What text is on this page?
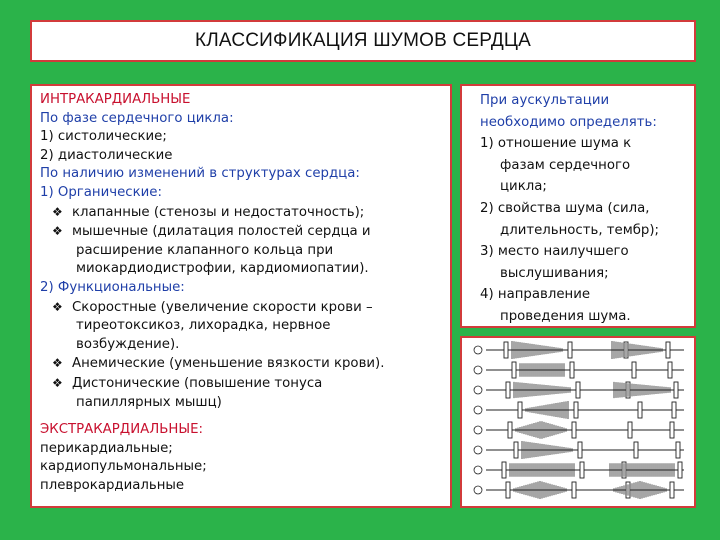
КЛАССИФИКАЦИЯ ШУМОВ СЕРДЦА
ИНТРАКАРДИАЛЬНЫЕ
По фазе сердечного цикла:
1) систолические;
2) диастолические
По наличию изменений в структурах сердца:
1) Органические:
❖ клапанные (стенозы и недостаточность);
❖ мышечные (дилатация полостей сердца и
расширение клапанного кольца при
миокардиодистрофии, кардиомиопатии).
2) Функциональные:
❖ Скоростные (увеличение скорости крови –
тиреотоксикоз, лихорадка, нервное
возбуждение).
❖ Анемические (уменьшение вязкости крови).
❖ Дистонические (повышение тонуса
папиллярных мышц)
ЭКСТРАКАРДИАЛЬНЫЕ:
перикардиальные;
кардиопульмональные;
плеврокардиальные
При аускультации
необходимо определять:
1) отношение шума к
фазам сердечного
цикла;
2) свойства шума (сила,
длительность, тембр);
3) место наилучшего
выслушивания;
4) направление
проведения шума.
